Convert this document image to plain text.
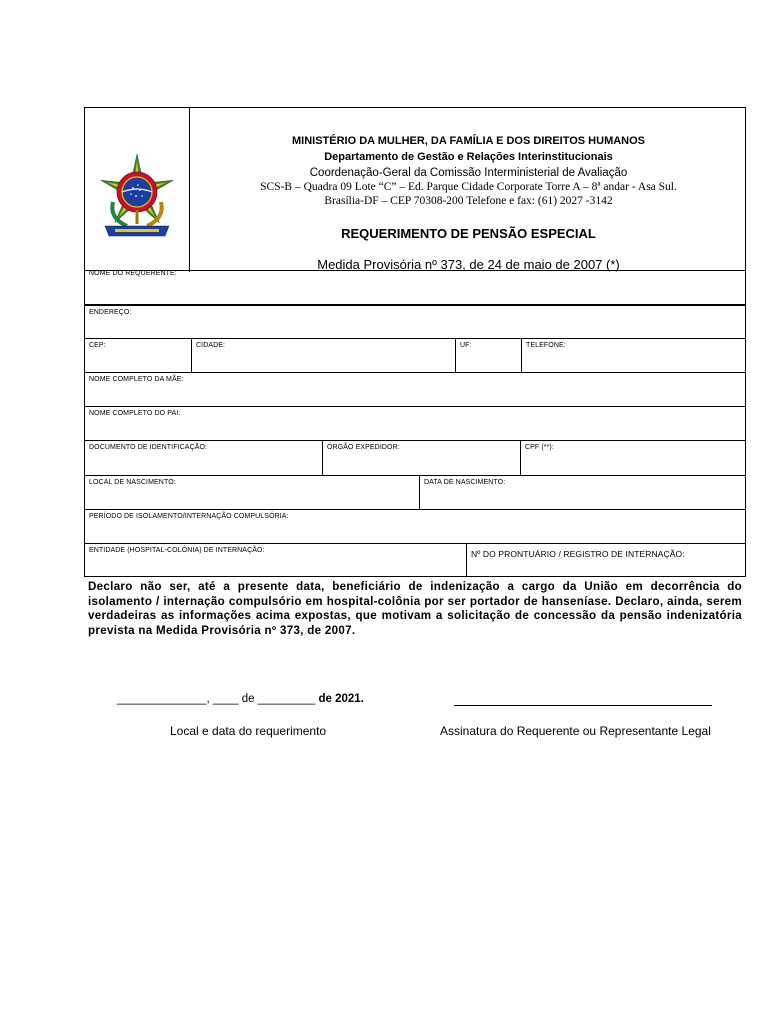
MINISTÉRIO DA MULHER, DA FAMÍLIA E DOS DIREITOS HUMANOS
Departamento de Gestão e Relações Interinstitucionais
Coordenação-Geral da Comissão Interministerial de Avaliação
SCS-B – Quadra 09 Lote “C” – Ed. Parque Cidade Corporate Torre A – 8ª andar - Asa Sul.
Brasília-DF – CEP 70308-200 Telefone e fax: (61) 2027 -3142
REQUERIMENTO DE PENSÃO ESPECIAL
Medida Provisória nº 373, de 24 de maio de 2007 (*)
NOME DO REQUERENTE:
ENDEREÇO:
CEP:	CIDADE:	UF:	TELEFONE:
NOME COMPLETO DA MÃE:
NOME COMPLETO DO PAI:
DOCUMENTO DE IDENTIFICAÇÃO:	ÓRGÃO EXPEDIDOR:	CPF (**):
LOCAL DE NASCIMENTO:	DATA DE NASCIMENTO:
PERÍODO DE ISOLAMENTO/INTERNAÇÃO COMPULSÓRIA:
ENTIDADE (HOSPITAL-COLÔNIA) DE INTERNAÇÃO:	Nº DO PRONTUÁRIO / REGISTRO DE INTERNAÇÃO:
Declaro não ser, até a presente data, beneficiário de indenização a cargo da União em decorrência do isolamento / internação compulsório em hospital-colônia por ser portador de hanseníase. Declaro, ainda, serem verdadeiras as informações acima expostas, que motivam a solicitação de concessão da pensão indenizatória prevista na Medida Provisória nº 373, de 2007.
______________, ____ de _________ de 2021.
Local e data do requerimento	Assinatura do Requerente ou Representante Legal
